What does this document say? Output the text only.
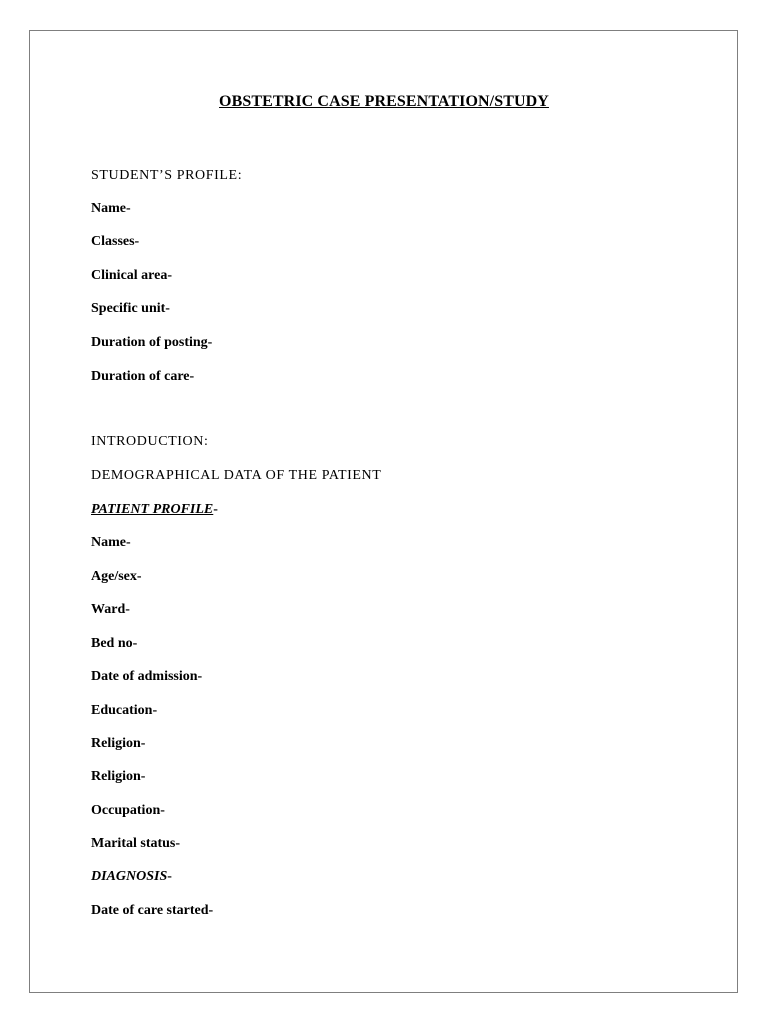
OBSTETRIC CASE PRESENTATION/STUDY
STUDENT’S PROFILE:
Name-
Classes-
Clinical area-
Specific unit-
Duration of posting-
Duration of care-
INTRODUCTION:
DEMOGRAPHICAL DATA OF THE PATIENT
PATIENT PROFILE-
Name-
Age/sex-
Ward-
Bed no-
Date of admission-
Education-
Religion-
Religion-
Occupation-
Marital status-
DIAGNOSIS-
Date of care started-
